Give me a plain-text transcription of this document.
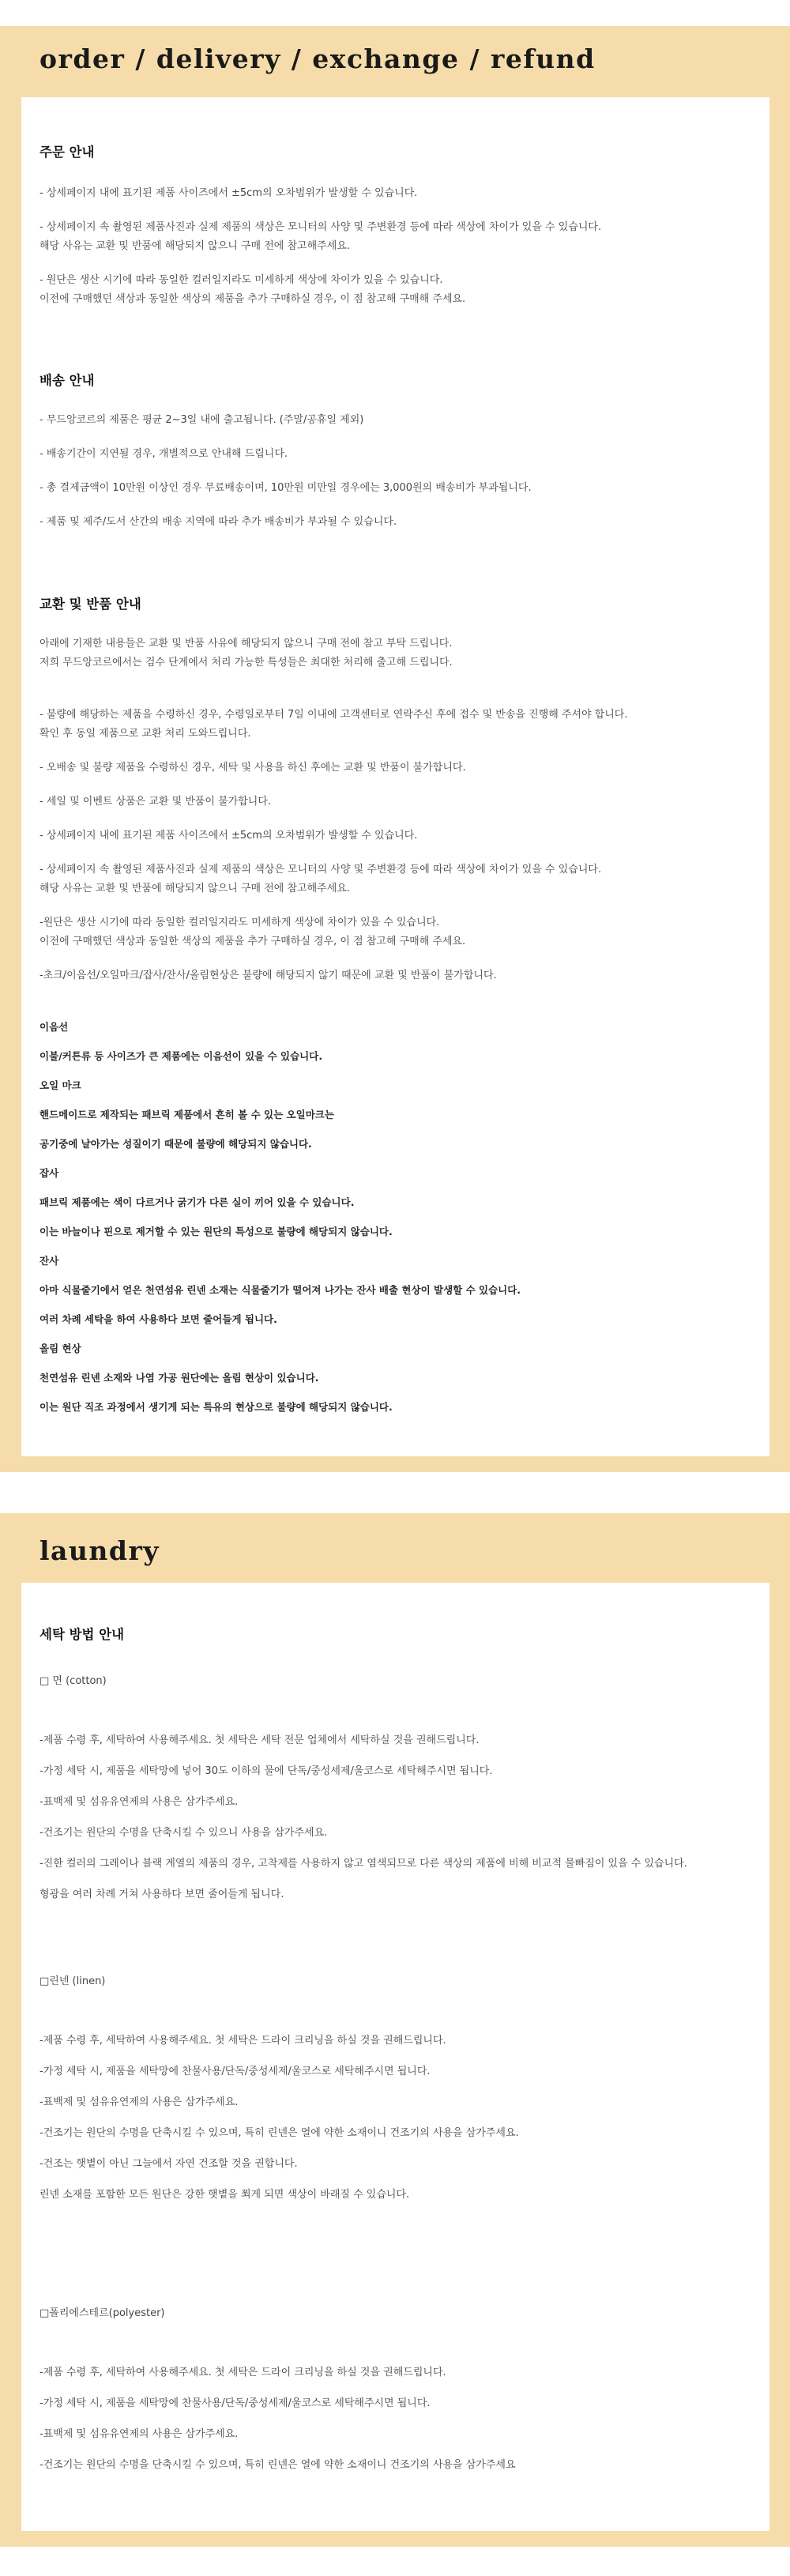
order / delivery / exchange / refund
주문 안내

- 상세페이지 내에 표기된 제품 사이즈에서 ±5cm의 오차범위가 발생할 수 있습니다.

- 상세페이지 속 촬영된 제품사진과 실제 제품의 색상은 모니터의 사양 및 주변환경 등에 따라 색상에 차이가 있을 수 있습니다.

해당 사유는 교환 및 반품에 해당되지 않으니 구매 전에 참고해주세요.

- 원단은 생산 시기에 따라 동일한 컬러일지라도 미세하게 색상에 차이가 있을 수 있습니다.

이전에 구매했던 색상과 동일한 색상의 제품을 추가 구매하실 경우, 이 점 참고해 구매해 주세요.

배송 안내

- 무드앙코르의 제품은 평균 2~3일 내에 출고됩니다. (주말/공휴일 제외)

- 배송기간이 지연될 경우, 개별적으로 안내해 드립니다.

- 총 결제금액이 10만원 이상인 경우 무료배송이며, 10만원 미만일 경우에는 3,000원의 배송비가 부과됩니다.

- 제품 및 제주/도서 산간의 배송 지역에 따라 추가 배송비가 부과될 수 있습니다.

교환 및 반품 안내

아래에 기재한 내용들은 교환 및 반품 사유에 해당되지 않으니 구매 전에 참고 부탁 드립니다.

저희 무드앙코르에서는 검수 단계에서 처리 가능한 특성들은 최대한 처리해 출고해 드립니다.

- 불량에 해당하는 제품을 수령하신 경우, 수령일로부터 7일 이내에 고객센터로 연락주신 후에 접수 및 반송을 진행해 주셔야 합니다.

확인 후 동일 제품으로 교환 처리 도와드립니다.

- 오배송 및 불량 제품을 수령하신 경우, 세탁 및 사용을 하신 후에는 교환 및 반품이 불가합니다.

- 세일 및 이벤트 상품은 교환 및 반품이 불가합니다.

- 상세페이지 내에 표기된 제품 사이즈에서 ±5cm의 오차범위가 발생할 수 있습니다.

- 상세페이지 속 촬영된 제품사진과 실제 제품의 색상은 모니터의 사양 및 주변환경 등에 따라 색상에 차이가 있을 수 있습니다.

해당 사유는 교환 및 반품에 해당되지 않으니 구매 전에 참고해주세요.

-원단은 생산 시기에 따라 동일한 컬러일지라도 미세하게 색상에 차이가 있을 수 있습니다.

이전에 구매했던 색상과 동일한 색상의 제품을 추가 구매하실 경우, 이 점 참고해 구매해 주세요.

-초크/이음선/오일마크/잡사/잔사/올림현상은 불량에 해당되지 않기 때문에 교환 및 반품이 불가합니다.

이음선

이불/커튼류 등 사이즈가 큰 제품에는 이음선이 있을 수 있습니다.

오일 마크

핸드메이드로 제작되는 패브릭 제품에서 흔히 볼 수 있는 오일마크는

공기중에 날아가는 성질이기 때문에 불량에 해당되지 않습니다.

잡사

패브릭 제품에는 색이 다르거나 굵기가 다른 실이 끼어 있을 수 있습니다.

이는 바늘이나 핀으로 제거할 수 있는 원단의 특성으로 불량에 해당되지 않습니다.

잔사

아마 식물줄기에서 얻은 천연섬유 린넨 소재는 식물줄기가 떨어져 나가는 잔사 배출 현상이 발생할 수 있습니다.

여러 차례 세탁을 하여 사용하다 보면 줄어들게 됩니다.

올림 현상

천연섬유 린넨 소재와 나염 가공 원단에는 올림 현상이 있습니다.

이는 원단 직조 과정에서 생기게 되는 특유의 현상으로 불량에 해당되지 않습니다.

laundry
세탁 방법 안내

□ 면 (cotton)

-제품 수령 후, 세탁하여 사용해주세요. 첫 세탁은 세탁 전문 업체에서 세탁하실 것을 권해드립니다.

-가정 세탁 시, 제품을 세탁망에 넣어 30도 이하의 물에 단독/중성세제/울코스로 세탁해주시면 됩니다.

-표백제 및 섬유유연제의 사용은 삼가주세요.

-건조기는 원단의 수명을 단축시킬 수 있으니 사용을 삼가주세요.

-진한 컬러의 그레이나 블랙 계열의 제품의 경우, 고착제를 사용하지 않고 염색되므로 다른 색상의 제품에 비해 비교적 물빠짐이 있을 수 있습니다.

형광을 여러 차례 거쳐 사용하다 보면 줄어들게 됩니다.

□린넨 (linen)

-제품 수령 후, 세탁하여 사용해주세요. 첫 세탁은 드라이 크리닝을 하실 것을 권해드립니다.

-가정 세탁 시, 제품을 세탁망에 찬물사용/단독/중성세제/울코스로 세탁해주시면 됩니다.

-표백제 및 섬유유연제의 사용은 삼가주세요.

-건조기는 원단의 수명을 단축시킬 수 있으며, 특히 린넨은 열에 약한 소재이니 건조기의 사용을 삼가주세요.

-건조는 햇볕이 아닌 그늘에서 자연 건조할 것을 권합니다.

린넨 소재를 포함한 모든 원단은 강한 햇볕을 쬐게 되면 색상이 바래질 수 있습니다.

□폴리에스테르(polyester)

-제품 수령 후, 세탁하여 사용해주세요. 첫 세탁은 드라이 크리닝을 하실 것을 권해드립니다.

-가정 세탁 시, 제품을 세탁망에 찬물사용/단독/중성세제/울코스로 세탁해주시면 됩니다.

-표백제 및 섬유유연제의 사용은 삼가주세요.

-건조기는 원단의 수명을 단축시킬 수 있으며, 특히 린넨은 열에 약한 소재이니 건조기의 사용을 삼가주세요
